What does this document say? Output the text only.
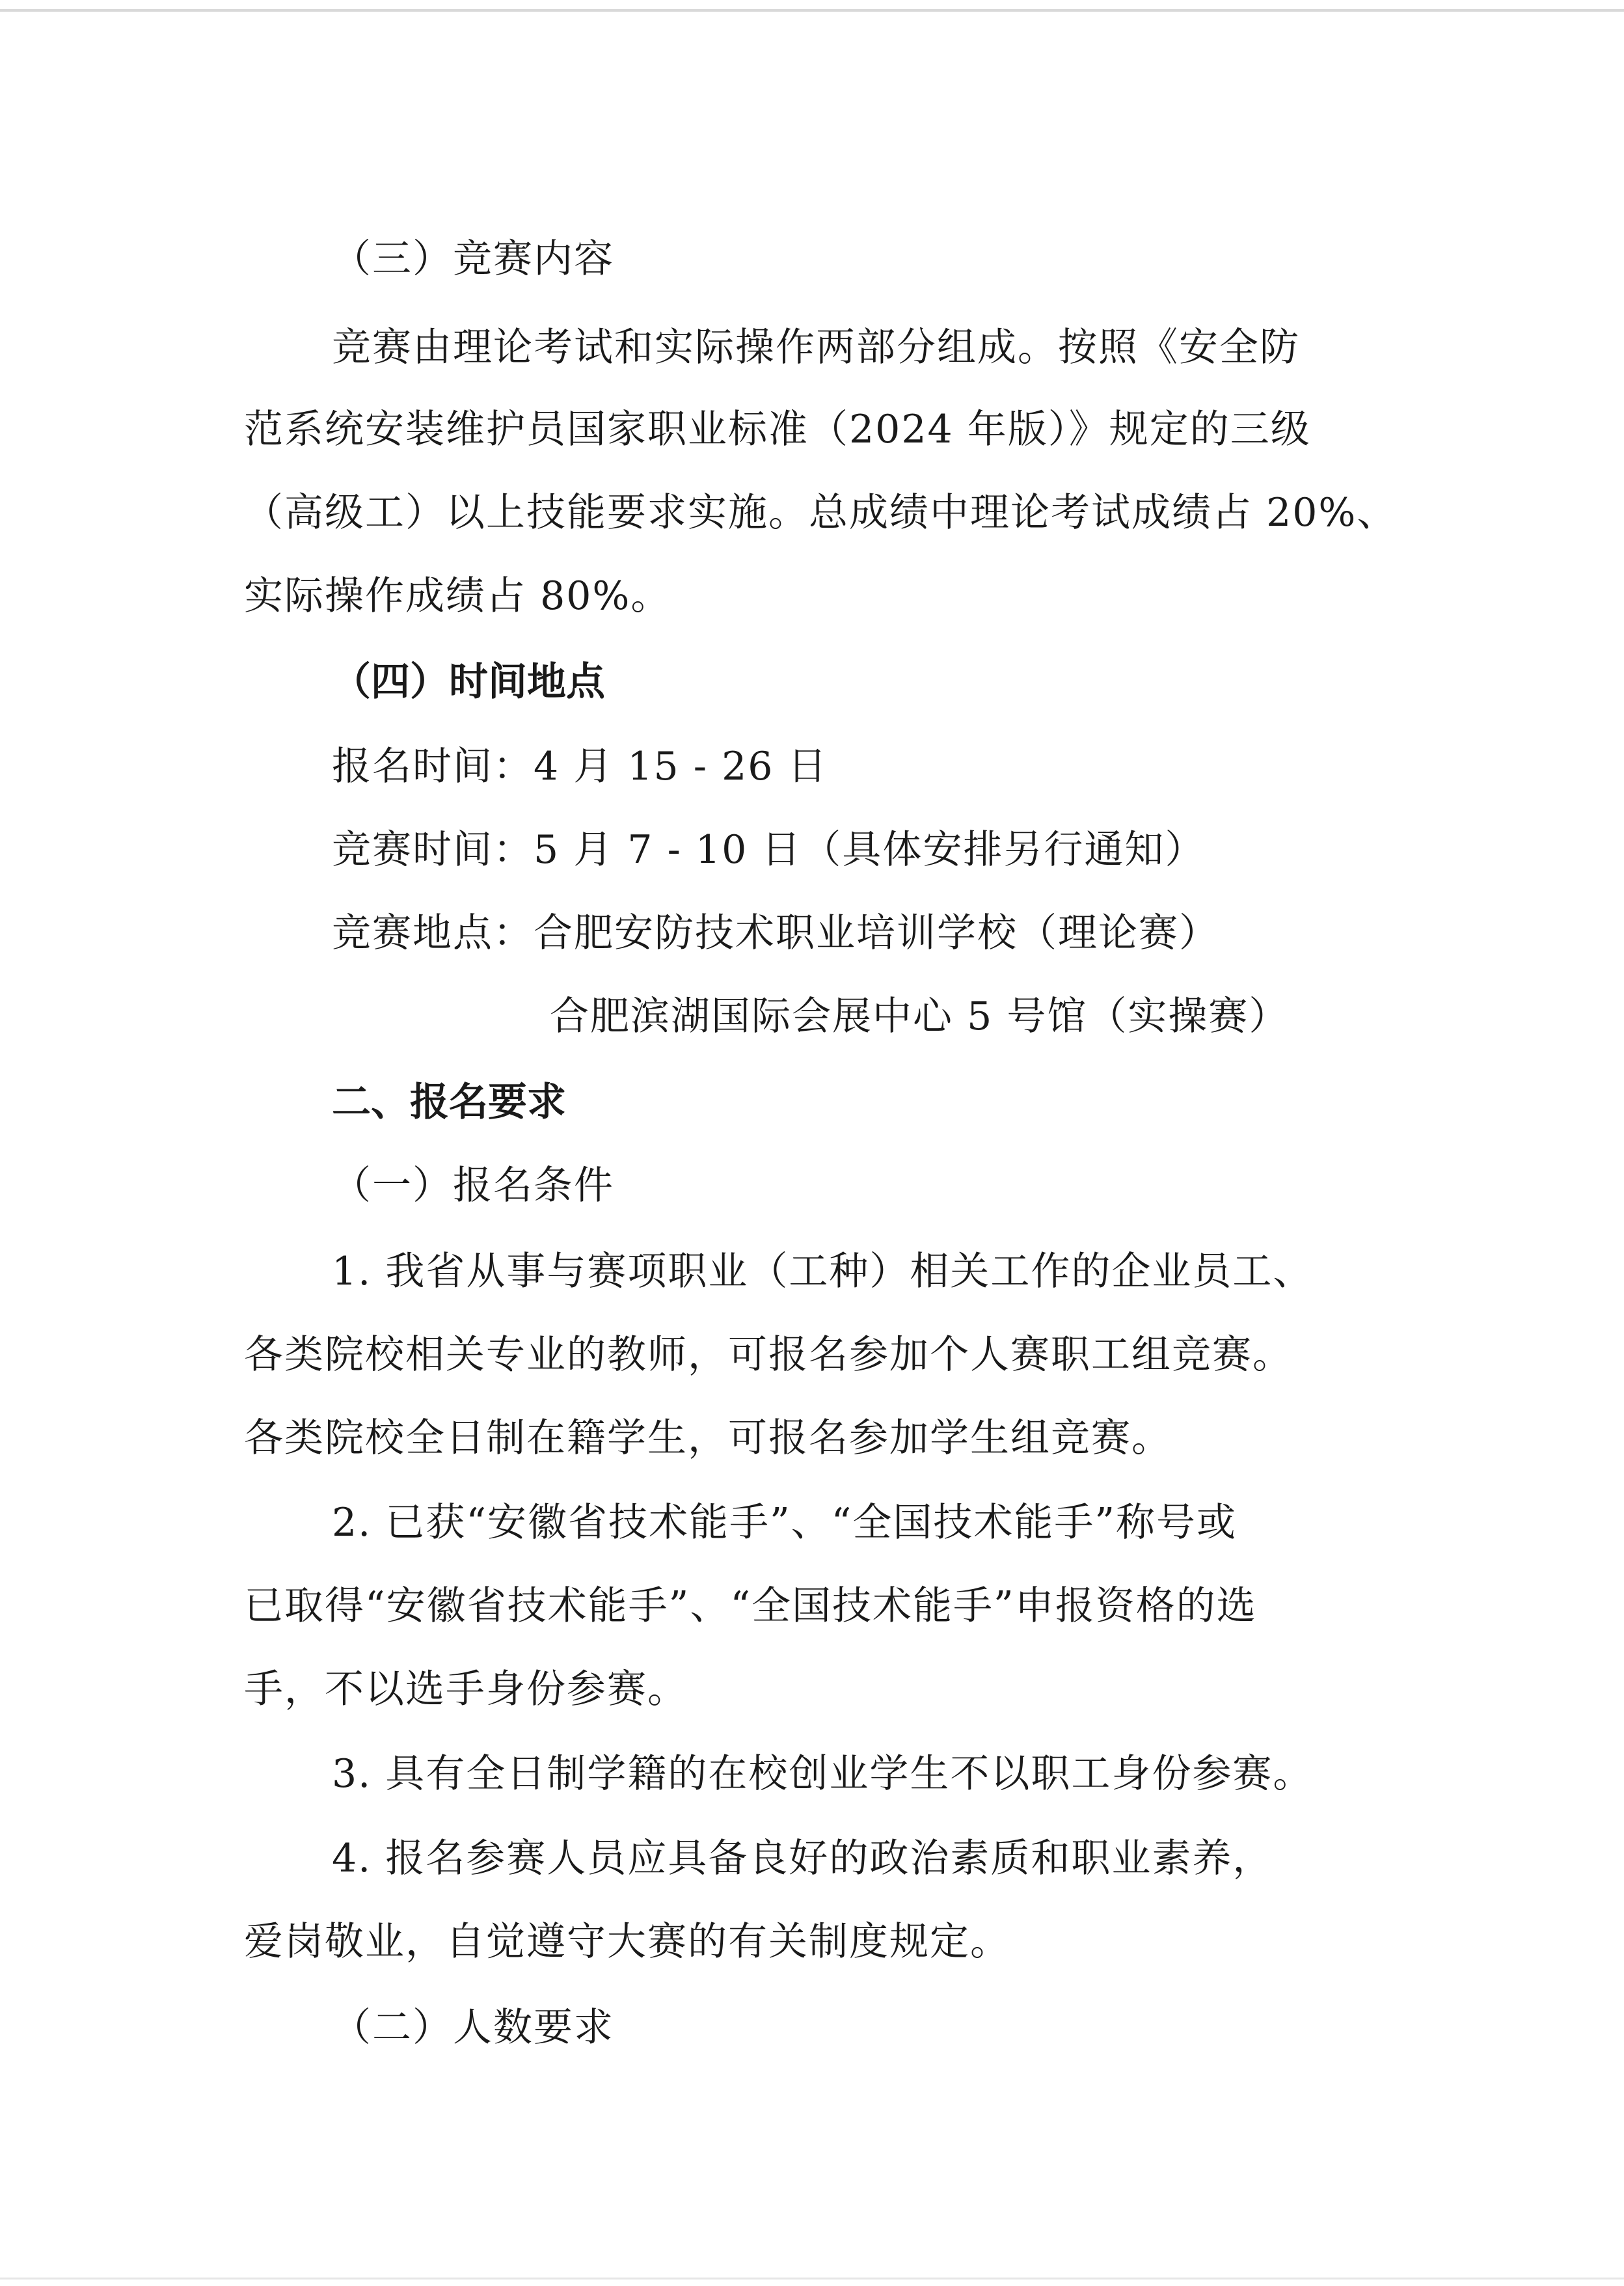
（三）竞赛内容
竞赛由理论考试和实际操作两部分组成。按照《安全防
范系统安装维护员国家职业标准（2024 年版）》规定的三级
（高级工）以上技能要求实施。总成绩中理论考试成绩占 20%、
实际操作成绩占 80%。
（四）时间地点
报名时间：4 月 15 - 26 日
竞赛时间：5 月 7 - 10 日（具体安排另行通知）
竞赛地点：合肥安防技术职业培训学校（理论赛）
合肥滨湖国际会展中心 5 号馆（实操赛）
二、报名要求
（一）报名条件
1. 我省从事与赛项职业（工种）相关工作的企业员工、
各类院校相关专业的教师，可报名参加个人赛职工组竞赛。
各类院校全日制在籍学生，可报名参加学生组竞赛。
2. 已获“安徽省技术能手”、“全国技术能手”称号或
已取得“安徽省技术能手”、“全国技术能手”申报资格的选
手，不以选手身份参赛。
3. 具有全日制学籍的在校创业学生不以职工身份参赛。
4. 报名参赛人员应具备良好的政治素质和职业素养，
爱岗敬业，自觉遵守大赛的有关制度规定。
（二）人数要求
